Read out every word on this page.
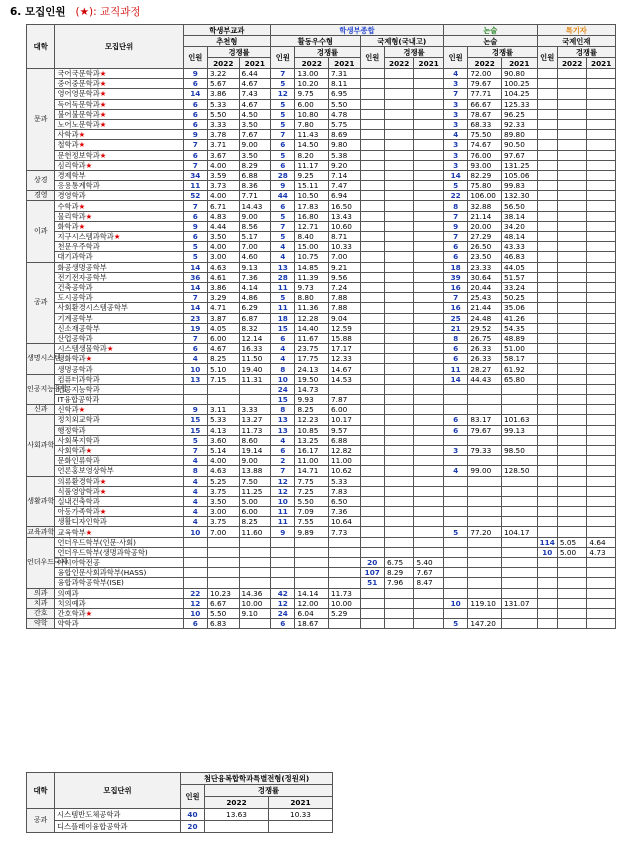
6. 모집인원 (★): 교직과정
대학	모집단위	학생부교과			학생부종합						논술			특기자		
		추천형			활동우수형			국제형(국내고)			논술			국제인재		
		인원	경쟁률		인원	경쟁률		인원	경쟁률		인원	경쟁률		인원	경쟁률	
			2022	2021		2022	2021		2022	2021		2022	2021		2022	2021
문과	국어국문학과★	9	3.22	6.44	7	13.00	7.31				4	72.00	90.80			
	중어중문학과★	6	5.67	4.67	5	10.20	8.11				3	79.67	100.25			
	영어영문학과★	14	3.86	7.43	12	9.75	6.95				7	77.71	104.25			
	독어독문학과★	6	5.33	4.67	5	6.00	5.50				3	66.67	125.33			
	불어불문학과★	6	5.50	4.50	5	10.80	4.78				3	78.67	96.25			
	노어노문학과★	6	3.33	3.50	5	7.80	5.75				3	68.33	92.33			
	사학과★	9	3.78	7.67	7	11.43	8.69				4	75.50	89.80			
	철학과★	7	3.71	9.00	6	14.50	9.80				3	74.67	90.50			
	문헌정보학과★	6	3.67	3.50	5	8.20	5.38				3	76.00	97.67			
	심리학과★	7	4.00	8.29	6	11.17	9.20				3	93.00	131.25			
상경	경제학부	34	3.59	6.88	28	9.25	7.14				14	82.29	105.06			
	응용통계학과	11	3.73	8.36	9	15.11	7.47				5	75.80	99.83			
경영	경영학과	52	4.00	7.71	44	10.50	6.94				22	106.00	132.30			
이과	수학과★	7	6.71	14.43	6	17.83	16.50				8	32.88	56.50			
	물리학과★	6	4.83	9.00	5	16.80	13.43				7	21.14	38.14			
	화학과★	9	4.44	8.56	7	12.71	10.60				9	20.00	34.20			
	지구시스템과학과★	6	3.50	5.17	5	8.40	8.71				7	27.29	48.14			
	천문우주학과	5	4.00	7.00	4	15.00	10.33				6	26.50	43.33			
	대기과학과	5	3.00	4.60	4	10.75	7.00				6	23.50	46.83			
공과	화공생명공학부	14	4.63	9.13	13	14.85	9.21				18	23.33	44.05			
	전기전자공학부	36	4.61	7.36	28	11.39	9.56				39	30.64	51.57			
	건축공학과	14	3.86	4.14	11	9.73	7.24				16	20.44	33.24			
	도시공학과	7	3.29	4.86	5	8.80	7.88				7	25.43	50.25			
	사회환경시스템공학부	14	4.71	6.29	11	11.36	7.88				16	21.44	35.06			
	기계공학부	23	3.87	6.87	18	12.28	9.04				25	24.48	41.26			
	신소재공학부	19	4.05	8.32	15	14.40	12.59				21	29.52	54.35			
	산업공학과	7	6.00	12.14	6	11.67	15.88				8	26.75	48.89			
생명시스템	시스템생물학과★	6	4.67	16.33	4	23.75	17.17				6	26.33	51.00			
	생화학과★	4	8.25	11.50	4	17.75	12.33				6	26.33	58.17			
	생명공학과	10	5.10	19.40	8	24.13	14.67				11	28.27	61.92			
인공지능융합	컴퓨터과학과	13	7.15	11.31	10	19.50	14.53				14	44.43	65.80			
	인공지능학과				24	14.73										
	IT융합공학과				15	9.93	7.87									
신과	신학과★	9	3.11	3.33	8	8.25	6.00									
사회과학	정치외교학과	15	5.33	13.27	13	12.23	10.17				6	83.17	101.63			
	행정학과	15	4.13	11.73	13	10.85	9.57				6	79.67	99.13			
	사회복지학과	5	3.60	8.60	4	13.25	6.88									
	사회학과★	7	5.14	19.14	6	16.17	12.82				3	79.33	98.50			
	문화인류학과	4	4.00	9.00	2	11.00	11.00									
	언론홍보영상학부	8	4.63	13.88	7	14.71	10.62				4	99.00	128.50			
생활과학	의류환경학과★	4	5.25	7.50	12	7.75	5.33									
	식품영양학과★	4	3.75	11.25	12	7.25	7.83									
	실내건축학과	4	3.50	5.00	10	5.50	6.50									
	아동가족학과★	4	3.00	6.00	11	7.09	7.36									
	생활디자인학과	4	3.75	8.25	11	7.55	10.64									
교육과학	교육학부★	10	7.00	11.60	9	9.89	7.73				5	77.20	104.17			
언더우드국제	언더우드학부(인문·사회)													114	5.05	4.64
	언더우드학부(생명과학공학)													10	5.00	4.73
	아시아학전공							20	6.75	5.40						
	융합인문사회과학부(HASS)							107	8.29	7.67						
	융합과학공학부(ISE)							51	7.96	8.47						
의과	의예과	22	10.23	14.36	42	14.14	11.73									
치과	치의예과	12	6.67	10.00	12	12.00	10.00				10	119.10	131.07			
간호	간호학과★	10	5.50	9.10	24	6.04	5.29									
약학	약학과	6	6.83		6	18.67					5	147.20				
대학	모집단위	첨단융복합학과특별전형(정원외)		
		인원	경쟁률	
			2022	2021
공과	시스템반도체공학과	40	13.63	10.33
	디스플레이융합공학과	20		
